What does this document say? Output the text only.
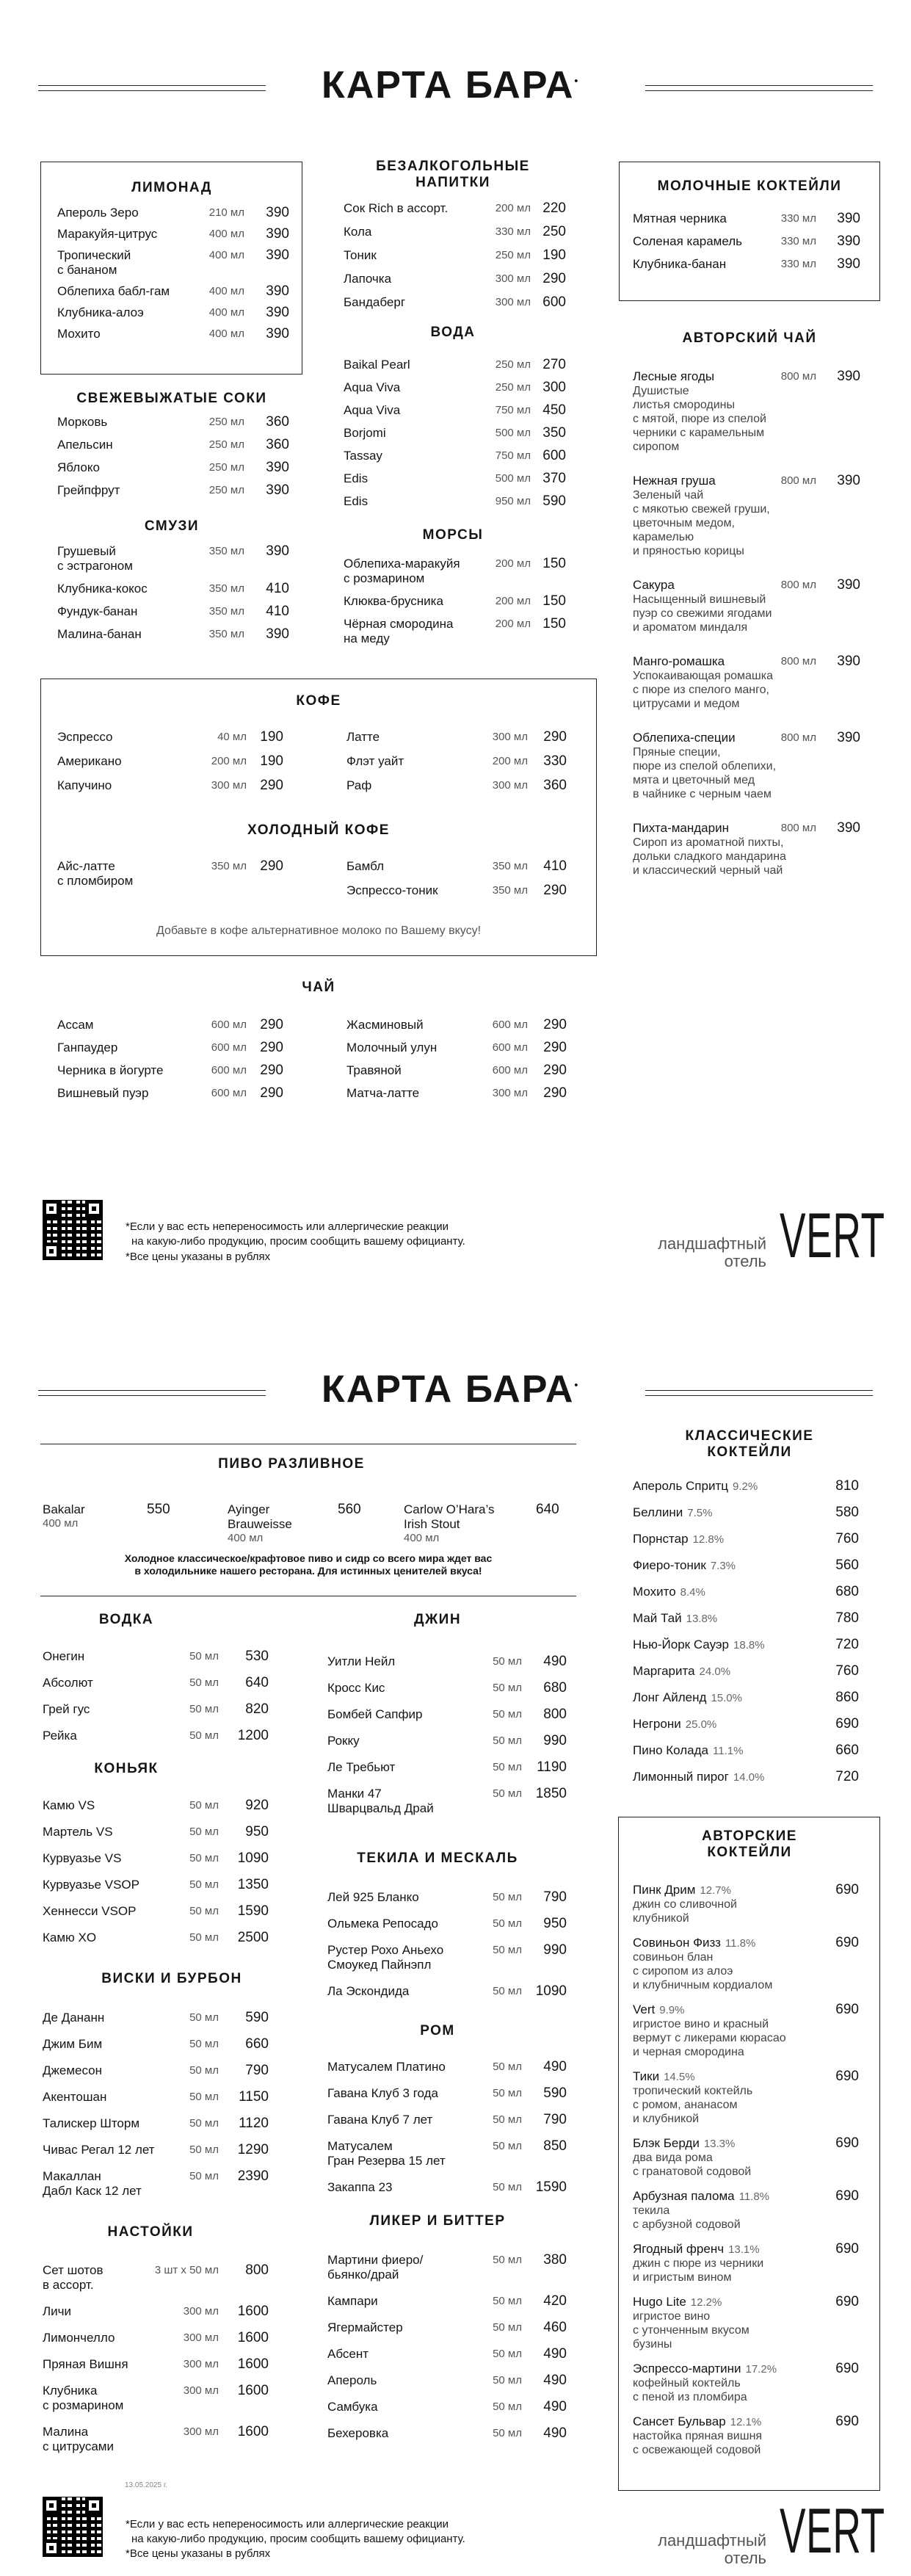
КАРТА БАРА•
ЛИМОНАД
Апероль Зеро	210 мл 390
Маракуйя-цитрус	400 мл 390
Тропический
с бананом
400 мл 390
Облепиха бабл-гам	400 мл 390
Клубника-алоэ	400 мл 390
Мохито	400 мл 390
СВЕЖЕВЫЖАТЫЕ СОКИ
Морковь	250 мл 360
Апельсин	250 мл 360
Яблоко	250 мл 390
Грейпфрут	250 мл 390
СМУЗИ
Грушевый
с эстрагоном
350 мл 390
Клубника-кокос	350 мл 410
Фундук-банан	350 мл 410
Малина-банан	350 мл 390
БЕЗАЛКОГОЛЬНЫЕ
НАПИТКИ
Сок Rich в ассорт.	200 мл 220
Кола	330 мл 250
Тоник	250 мл 190
Лапочка	300 мл 290
Бандаберг	300 мл 600
ВОДА
Baikal Pearl	250 мл 270
Aqua Viva	250 мл 300
Aqua Viva	750 мл 450
Borjomi	500 мл 350
Tassay	750 мл 600
Edis	500 мл 370
Edis	950 мл 590
МОРСЫ
Облепиха-маракуйя
с розмарином
200 мл 150
Клюква-брусника	200 мл 150
Чёрная смородина
на меду
200 мл 150
МОЛОЧНЫЕ КОКТЕЙЛИ
Мятная черника	330 мл 390
Соленая карамель	330 мл 390
Клубника-банан	330 мл 390
АВТОРСКИЙ ЧАЙ
Лесные ягоды	800 мл 390
Душистые
листья смородины
с мятой, пюре из спелой
черники с карамельным
сиропом
Нежная груша	800 мл 390
Зеленый чай
с мякотью свежей груши,
цветочным медом,
карамелью
и пряностью корицы
Сакура	800 мл 390
Насыщенный вишневый
пуэр со свежими ягодами
и ароматом миндаля
Манго-ромашка	800 мл 390
Успокаивающая ромашка
с пюре из спелого манго,
цитрусами и медом
Облепиха-специи	800 мл 390
Пряные специи,
пюре из спелой облепихи,
мята и цветочный мед
в чайнике с черным чаем
Пихта-мандарин	800 мл 390
Сироп из ароматной пихты,
дольки сладкого мандарина
и классический черный чай
КОФЕ
Эспрессо	40 мл 190
Американо	200 мл 190
Капучино	300 мл 290
Латте	300 мл 290
Флэт уайт	200 мл 330
Раф	300 мл 360
ХОЛОДНЫЙ КОФЕ
Айс-латте
с пломбиром
350 мл 290	Бамбл	350 мл 410
Эспрессо-тоник	350 мл 290
Добавьте в кофе альтернативное молоко по Вашему вкусу!
ЧАЙ
Ассам	600 мл 290
Ганпаудер	600 мл 290
Черника в йогурте	600 мл 290
Вишневый пуэр	600 мл 290
Жасминовый	600 мл 290
Молочный улун	600 мл 290
Травяной	600 мл 290
Матча-латте	300 мл 290
*Если у вас есть непереносимость или аллергические реакции
на какую-либо продукцию, просим сообщить вашему официанту.
*Все цены указаны в рублях
ландшафтный
отель VERT
КАРТА БАРА•
ПИВО РАЗЛИВНОЕ
Bakalar
400 мл
550	Ayinger
Brauweisse
400 мл
560	Carlow O’Hara’s
Irish Stout
400 мл
640
Холодное классическое/крафтовое пиво и сидр со всего мира ждет вас
в холодильнике нашего ресторана. Для истинных ценителей вкуса!
ВОДКА
Онегин	50 мл 530
Абсолют	50 мл 640
Грей гус	50 мл 820
Рейка	50 мл 1200
КОНЬЯК
Камю VS	50 мл 920
Мартель VS	50 мл 950
Курвуазье VS	50 мл 1090
Курвуазье VSOP	50 мл 1350
Хеннесси VSOP	50 мл 1590
Камю XO	50 мл 2500
ВИСКИ И БУРБОН
Де Дананн	50 мл 590
Джим Бим	50 мл 660
Джемесон	50 мл 790
Акентошан	50 мл 1150
Талискер Шторм	50 мл 1120
Чивас Регал 12 лет	50 мл 1290
Макаллан
Дабл Каск 12 лет
50 мл 2390
НАСТОЙКИ
Сет шотов
в ассорт.
3 шт х 50 мл 800
Личи	300 мл 1600
Лимончелло	300 мл 1600
Пряная Вишня	300 мл 1600
Клубника
с розмарином
300 мл 1600
Малина
с цитрусами
300 мл 1600
ДЖИН
Уитли Нейл	50 мл 490
Кросс Кис	50 мл 680
Бомбей Сапфир	50 мл 800
Рокку	50 мл 990
Ле Требьют	50 мл 1190
Манки 47
Шварцвальд Драй
50 мл 1850
ТЕКИЛА И МЕСКАЛЬ
Лей 925 Бланко	50 мл 790
Ольмека Репосадо	50 мл 950
Рустер Рохо Аньехо
Смоукед Пайнэпл
50 мл 990
Ла Эскондида	50 мл 1090
РОМ
Матусалем Платино	50 мл 490
Гавана Клуб 3 года	50 мл 590
Гавана Клуб 7 лет	50 мл 790
Матусалем
Гран Резерва 15 лет
50 мл 850
Закаппа 23	50 мл 1590
ЛИКЕР И БИТТЕР
Мартини фиеро/
бьянко/драй
50 мл 380
Кампари	50 мл 420
Ягермайстер	50 мл 460
Абсент	50 мл 490
Апероль	50 мл 490
Самбука	50 мл 490
Бехеровка	50 мл 490
КЛАССИЧЕСКИЕ
КОКТЕЙЛИ
Апероль Спритц 9.2%	810
Беллини 7.5%	580
Порнстар 12.8%	760
Фиеро-тоник 7.3%	560
Мохито 8.4%	680
Май Тай 13.8%	780
Нью-Йорк Сауэр 18.8%	720
Маргарита 24.0%	760
Лонг Айленд 15.0%	860
Негрони 25.0%	690
Пино Колада 11.1%	660
Лимонный пирог 14.0%	720
АВТОРСКИЕ
КОКТЕЙЛИ
Пинк Дрим 12.7%	690
джин со сливочной
клубникой
Совиньон Физз 11.8%	690
совиньон блан
с сиропом из алоэ
и клубничным кордиалом
Vert 9.9%	690
игристое вино и красный
вермут с ликерами кюрасао
и черная смородина
Тики 14.5%	690
тропический коктейль
с ромом, ананасом
и клубникой
Блэк Берди 13.3%	690
два вида рома
с гранатовой содовой
Арбузная палома 11.8%	690
текила
с арбузной содовой
Ягодный френч 13.1%	690
джин с пюре из черники
и игристым вином
Hugo Lite 12.2%	690
игристое вино
с утонченным вкусом
бузины
Эспрессо-мартини 17.2%	690
кофейный коктейль
с пеной из пломбира
Сансет Бульвар 12.1%	690
настойка пряная вишня
с освежающей содовой
13.05.2025 г.
*Если у вас есть непереносимость или аллергические реакции
на какую-либо продукцию, просим сообщить вашему официанту.
*Все цены указаны в рублях
ландшафтный
отель VERT
